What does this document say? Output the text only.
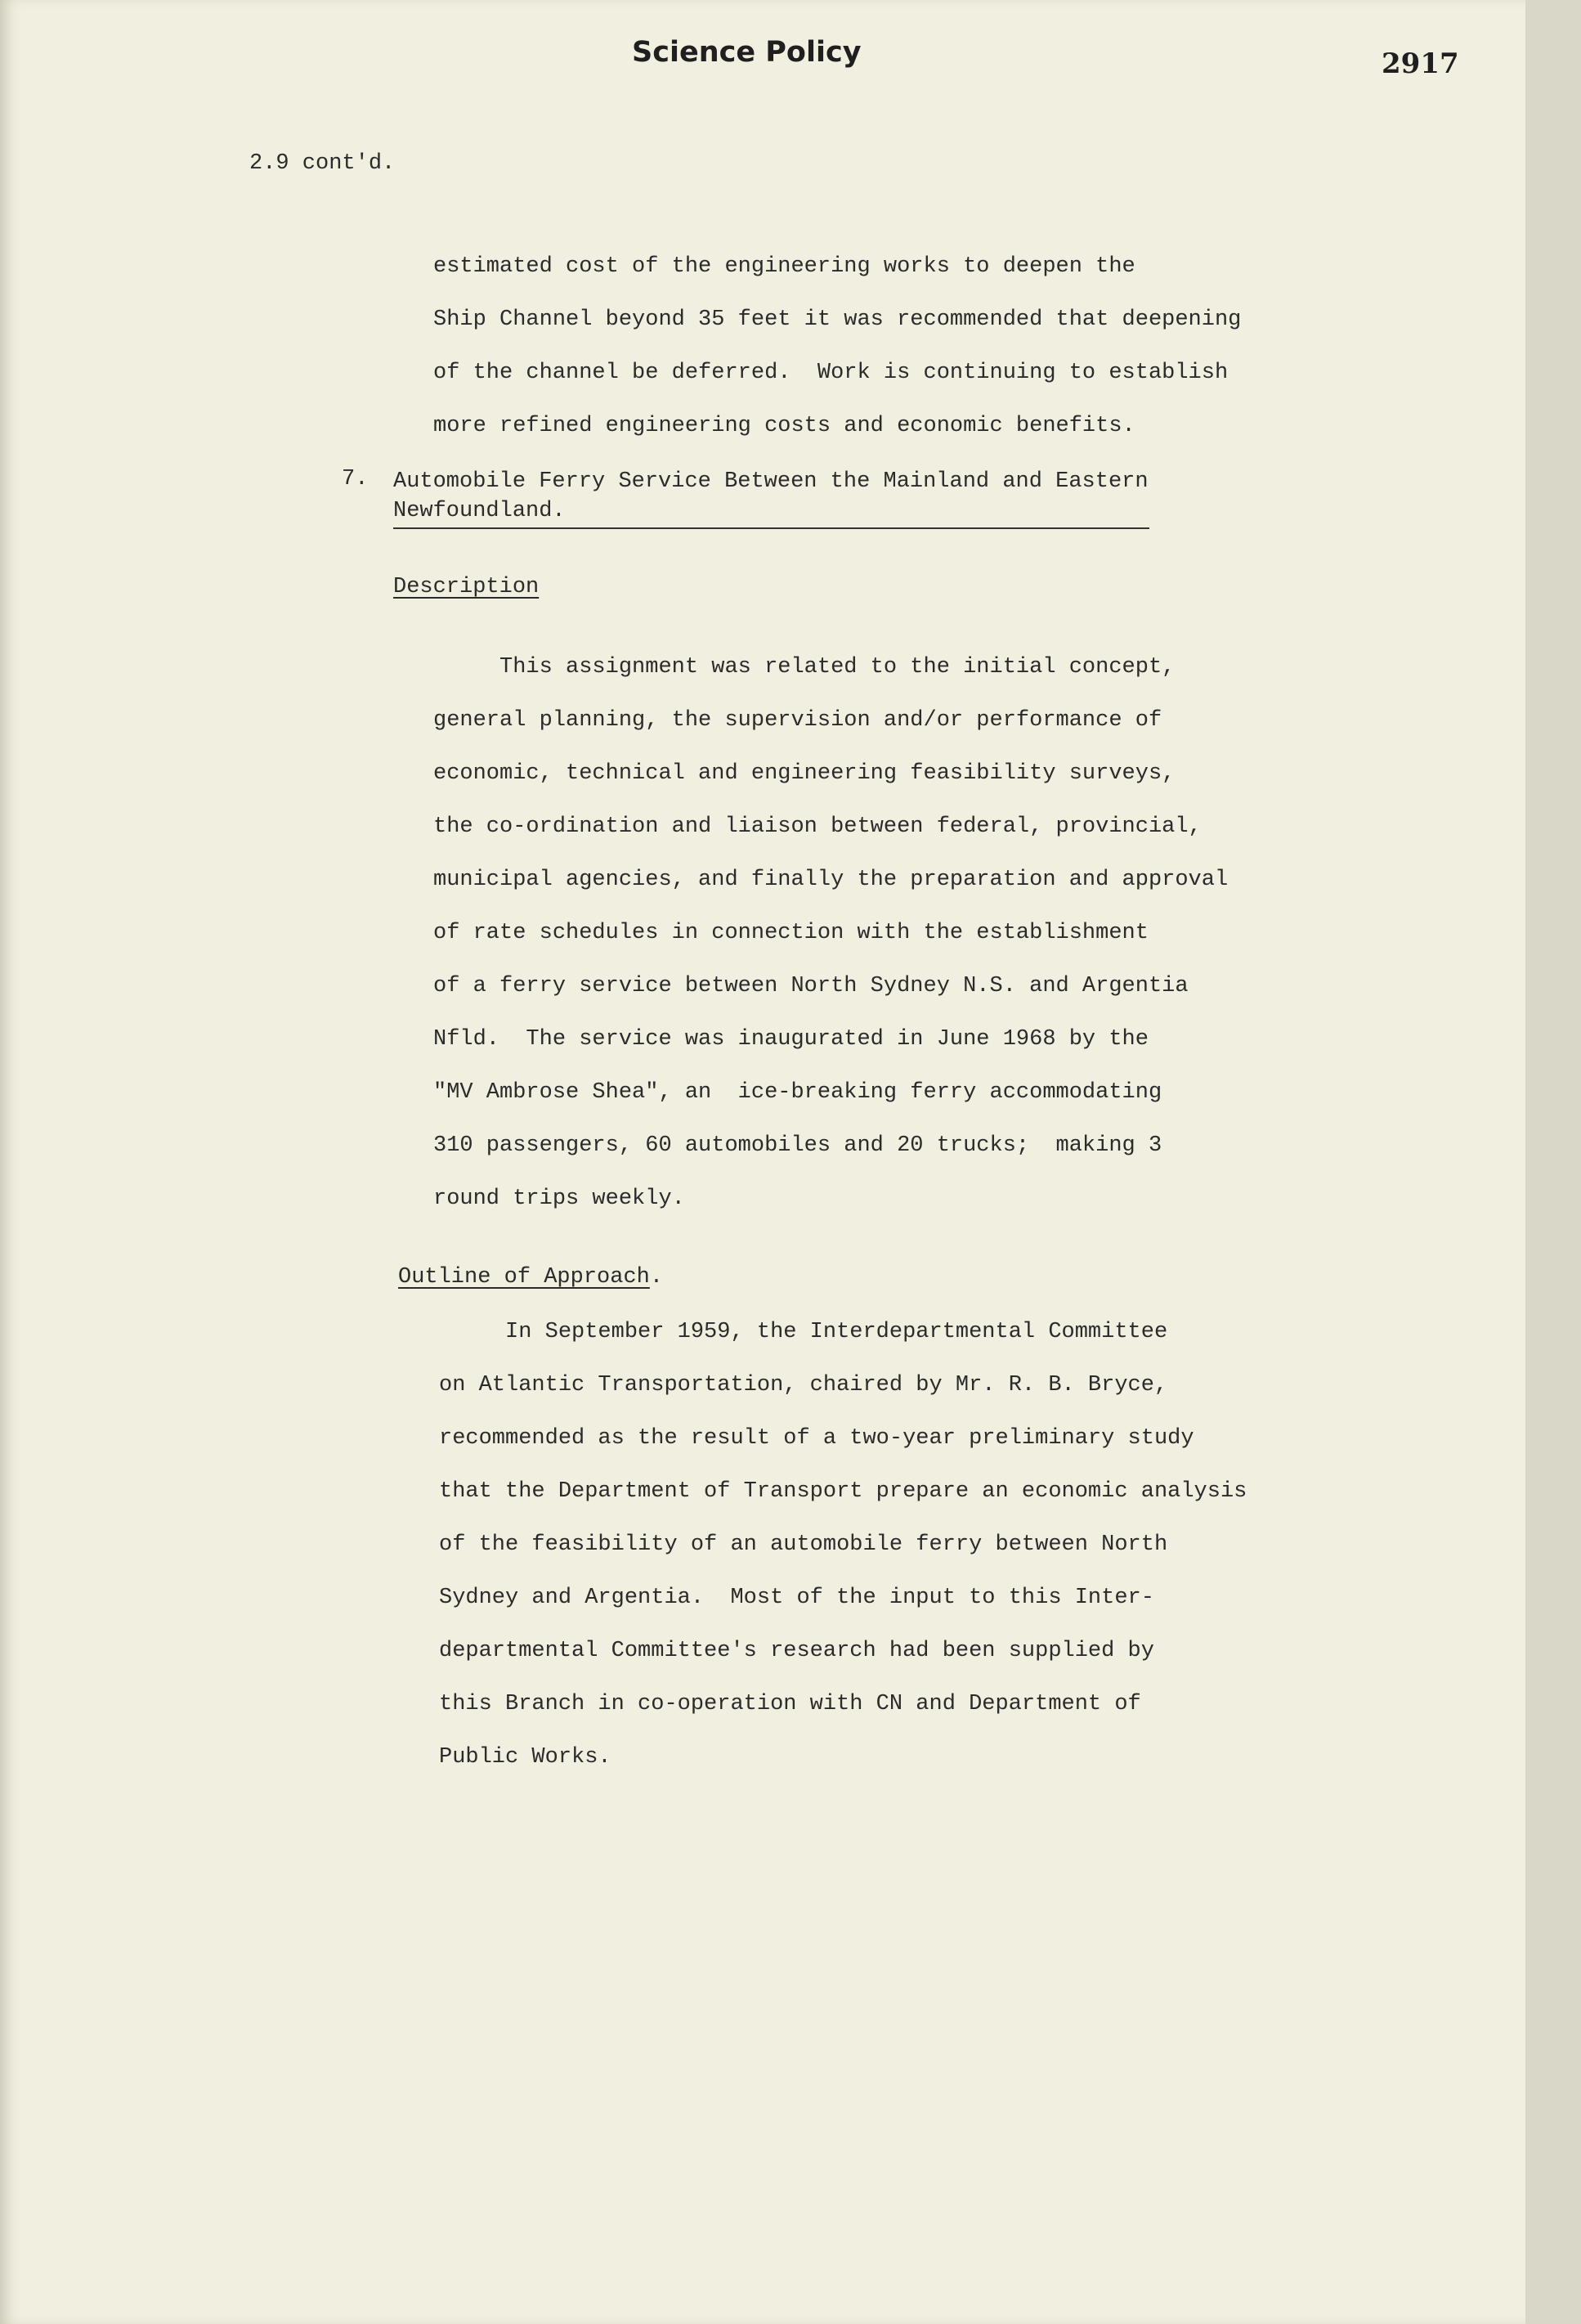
Science Policy	2917
2.9 cont'd.
estimated cost of the engineering works to deepen the
Ship Channel beyond 35 feet it was recommended that deepening
of the channel be deferred.  Work is continuing to establish
more refined engineering costs and economic benefits.
7. Automobile Ferry Service Between the Mainland and Eastern
Newfoundland.
Description
This assignment was related to the initial concept,
general planning, the supervision and/or performance of
economic, technical and engineering feasibility surveys,
the co-ordination and liaison between federal, provincial,
municipal agencies, and finally the preparation and approval
of rate schedules in connection with the establishment
of a ferry service between North Sydney N.S. and Argentia
Nfld.  The service was inaugurated in June 1968 by the
"MV Ambrose Shea", an  ice-breaking ferry accommodating
310 passengers, 60 automobiles and 20 trucks;  making 3
round trips weekly.
Outline of Approach.
In September 1959, the Interdepartmental Committee
on Atlantic Transportation, chaired by Mr. R. B. Bryce,
recommended as the result of a two-year preliminary study
that the Department of Transport prepare an economic analysis
of the feasibility of an automobile ferry between North
Sydney and Argentia.  Most of the input to this Inter-
departmental Committee's research had been supplied by
this Branch in co-operation with CN and Department of
Public Works.
